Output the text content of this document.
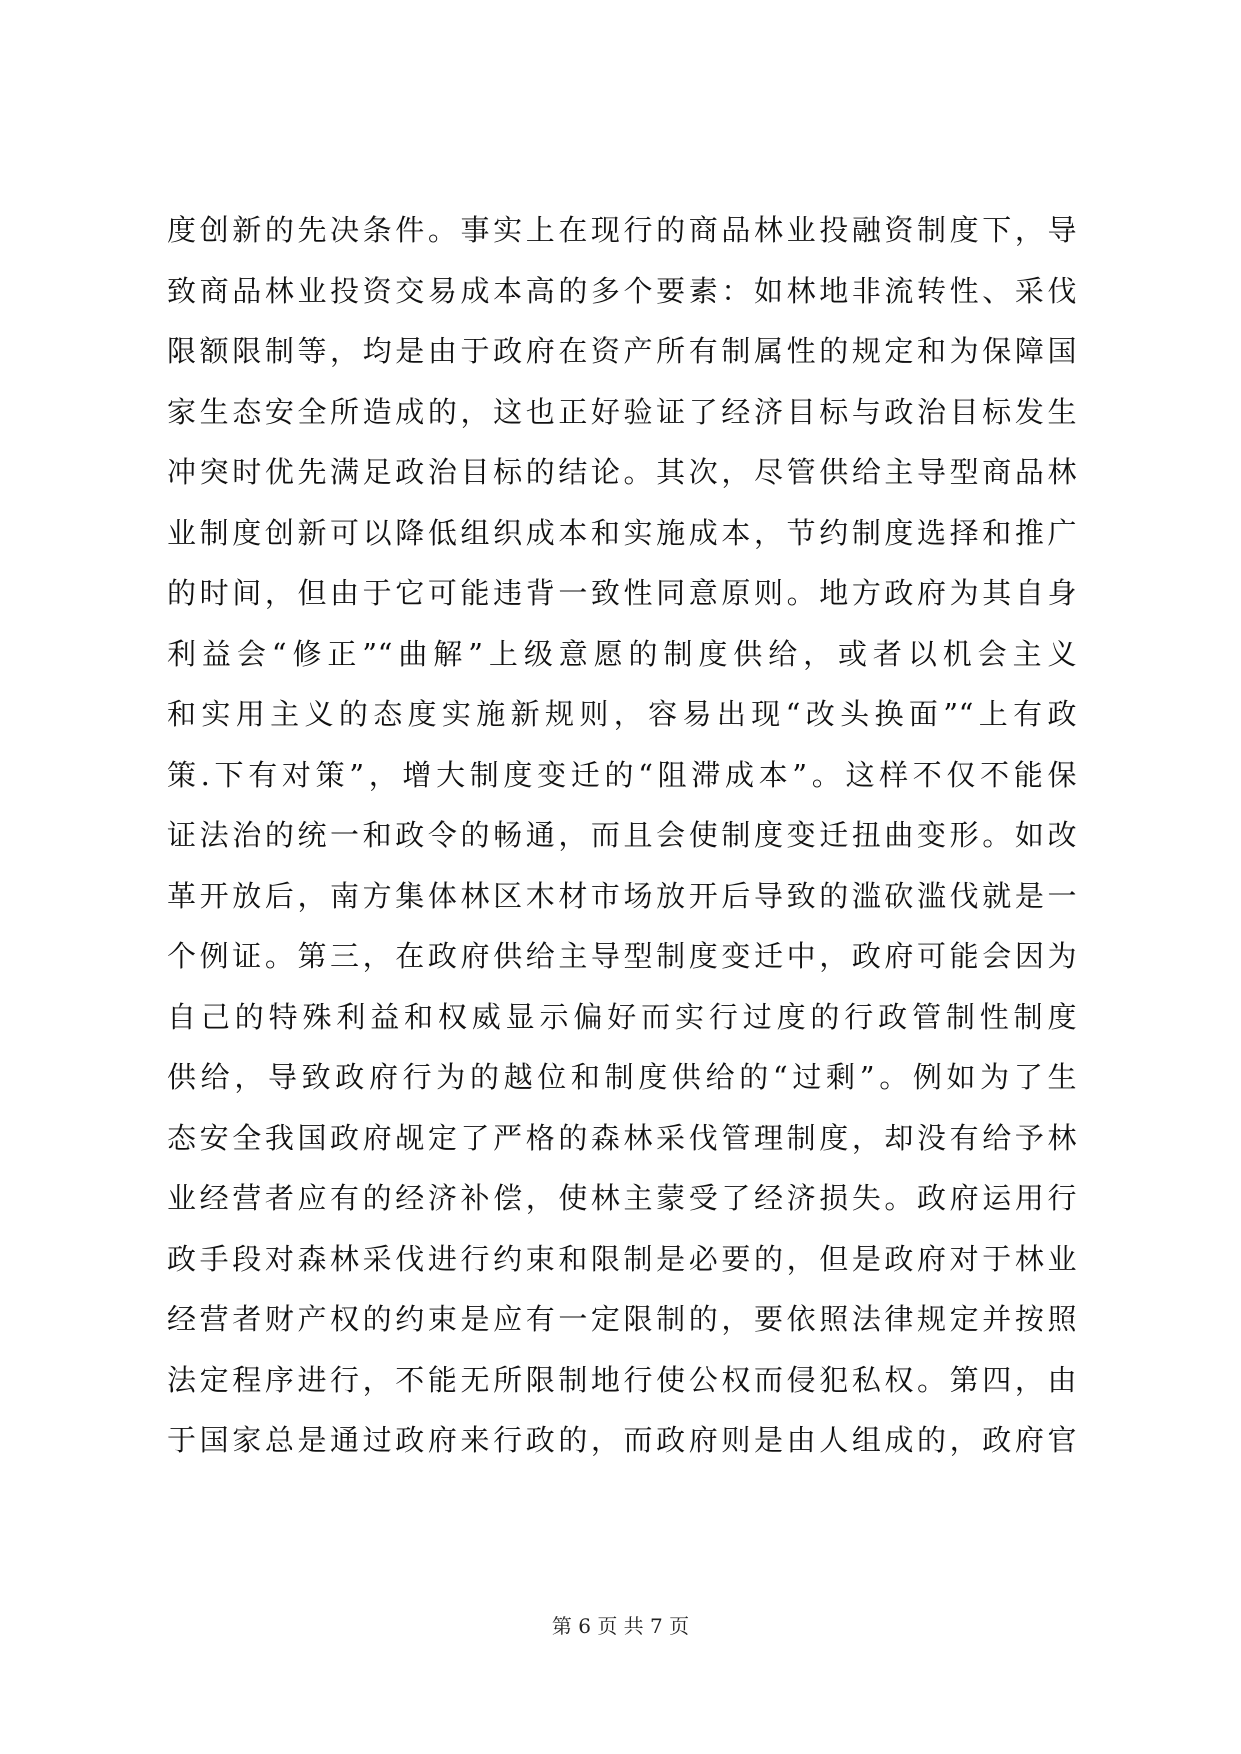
度创新的先决条件。事实上在现行的商品林业投融资制度下，导
致商品林业投资交易成本高的多个要素：如林地非流转性、采伐
限额限制等，均是由于政府在资产所有制属性的规定和为保障国
家生态安全所造成的，这也正好验证了经济目标与政治目标发生
冲突时优先满足政治目标的结论。其次，尽管供给主导型商品林
业制度创新可以降低组织成本和实施成本，节约制度选择和推广
的时间，但由于它可能违背一致性同意原则。地方政府为其自身
利益会“修正”“曲解”上级意愿的制度供给，或者以机会主义
和实用主义的态度实施新规则，容易出现“改头换面”“上有政
策.下有对策”，增大制度变迁的“阻滞成本”。这样不仅不能保
证法治的统一和政令的畅通，而且会使制度变迁扭曲变形。如改
革开放后，南方集体林区木材市场放开后导致的滥砍滥伐就是一
个例证。第三，在政府供给主导型制度变迁中，政府可能会因为
自己的特殊利益和权威显示偏好而实行过度的行政管制性制度
供给，导致政府行为的越位和制度供给的“过剩”。例如为了生
态安全我国政府觇定了严格的森林采伐管理制度，却没有给予林
业经营者应有的经济补偿，使林主蒙受了经济损失。政府运用行
政手段对森林采伐进行约束和限制是必要的，但是政府对于林业
经营者财产权的约束是应有一定限制的，要依照法律规定并按照
法定程序进行，不能无所限制地行使公权而侵犯私权。第四，由
于国家总是通过政府来行政的，而政府则是由人组成的，政府官
第 6 页 共 7 页
